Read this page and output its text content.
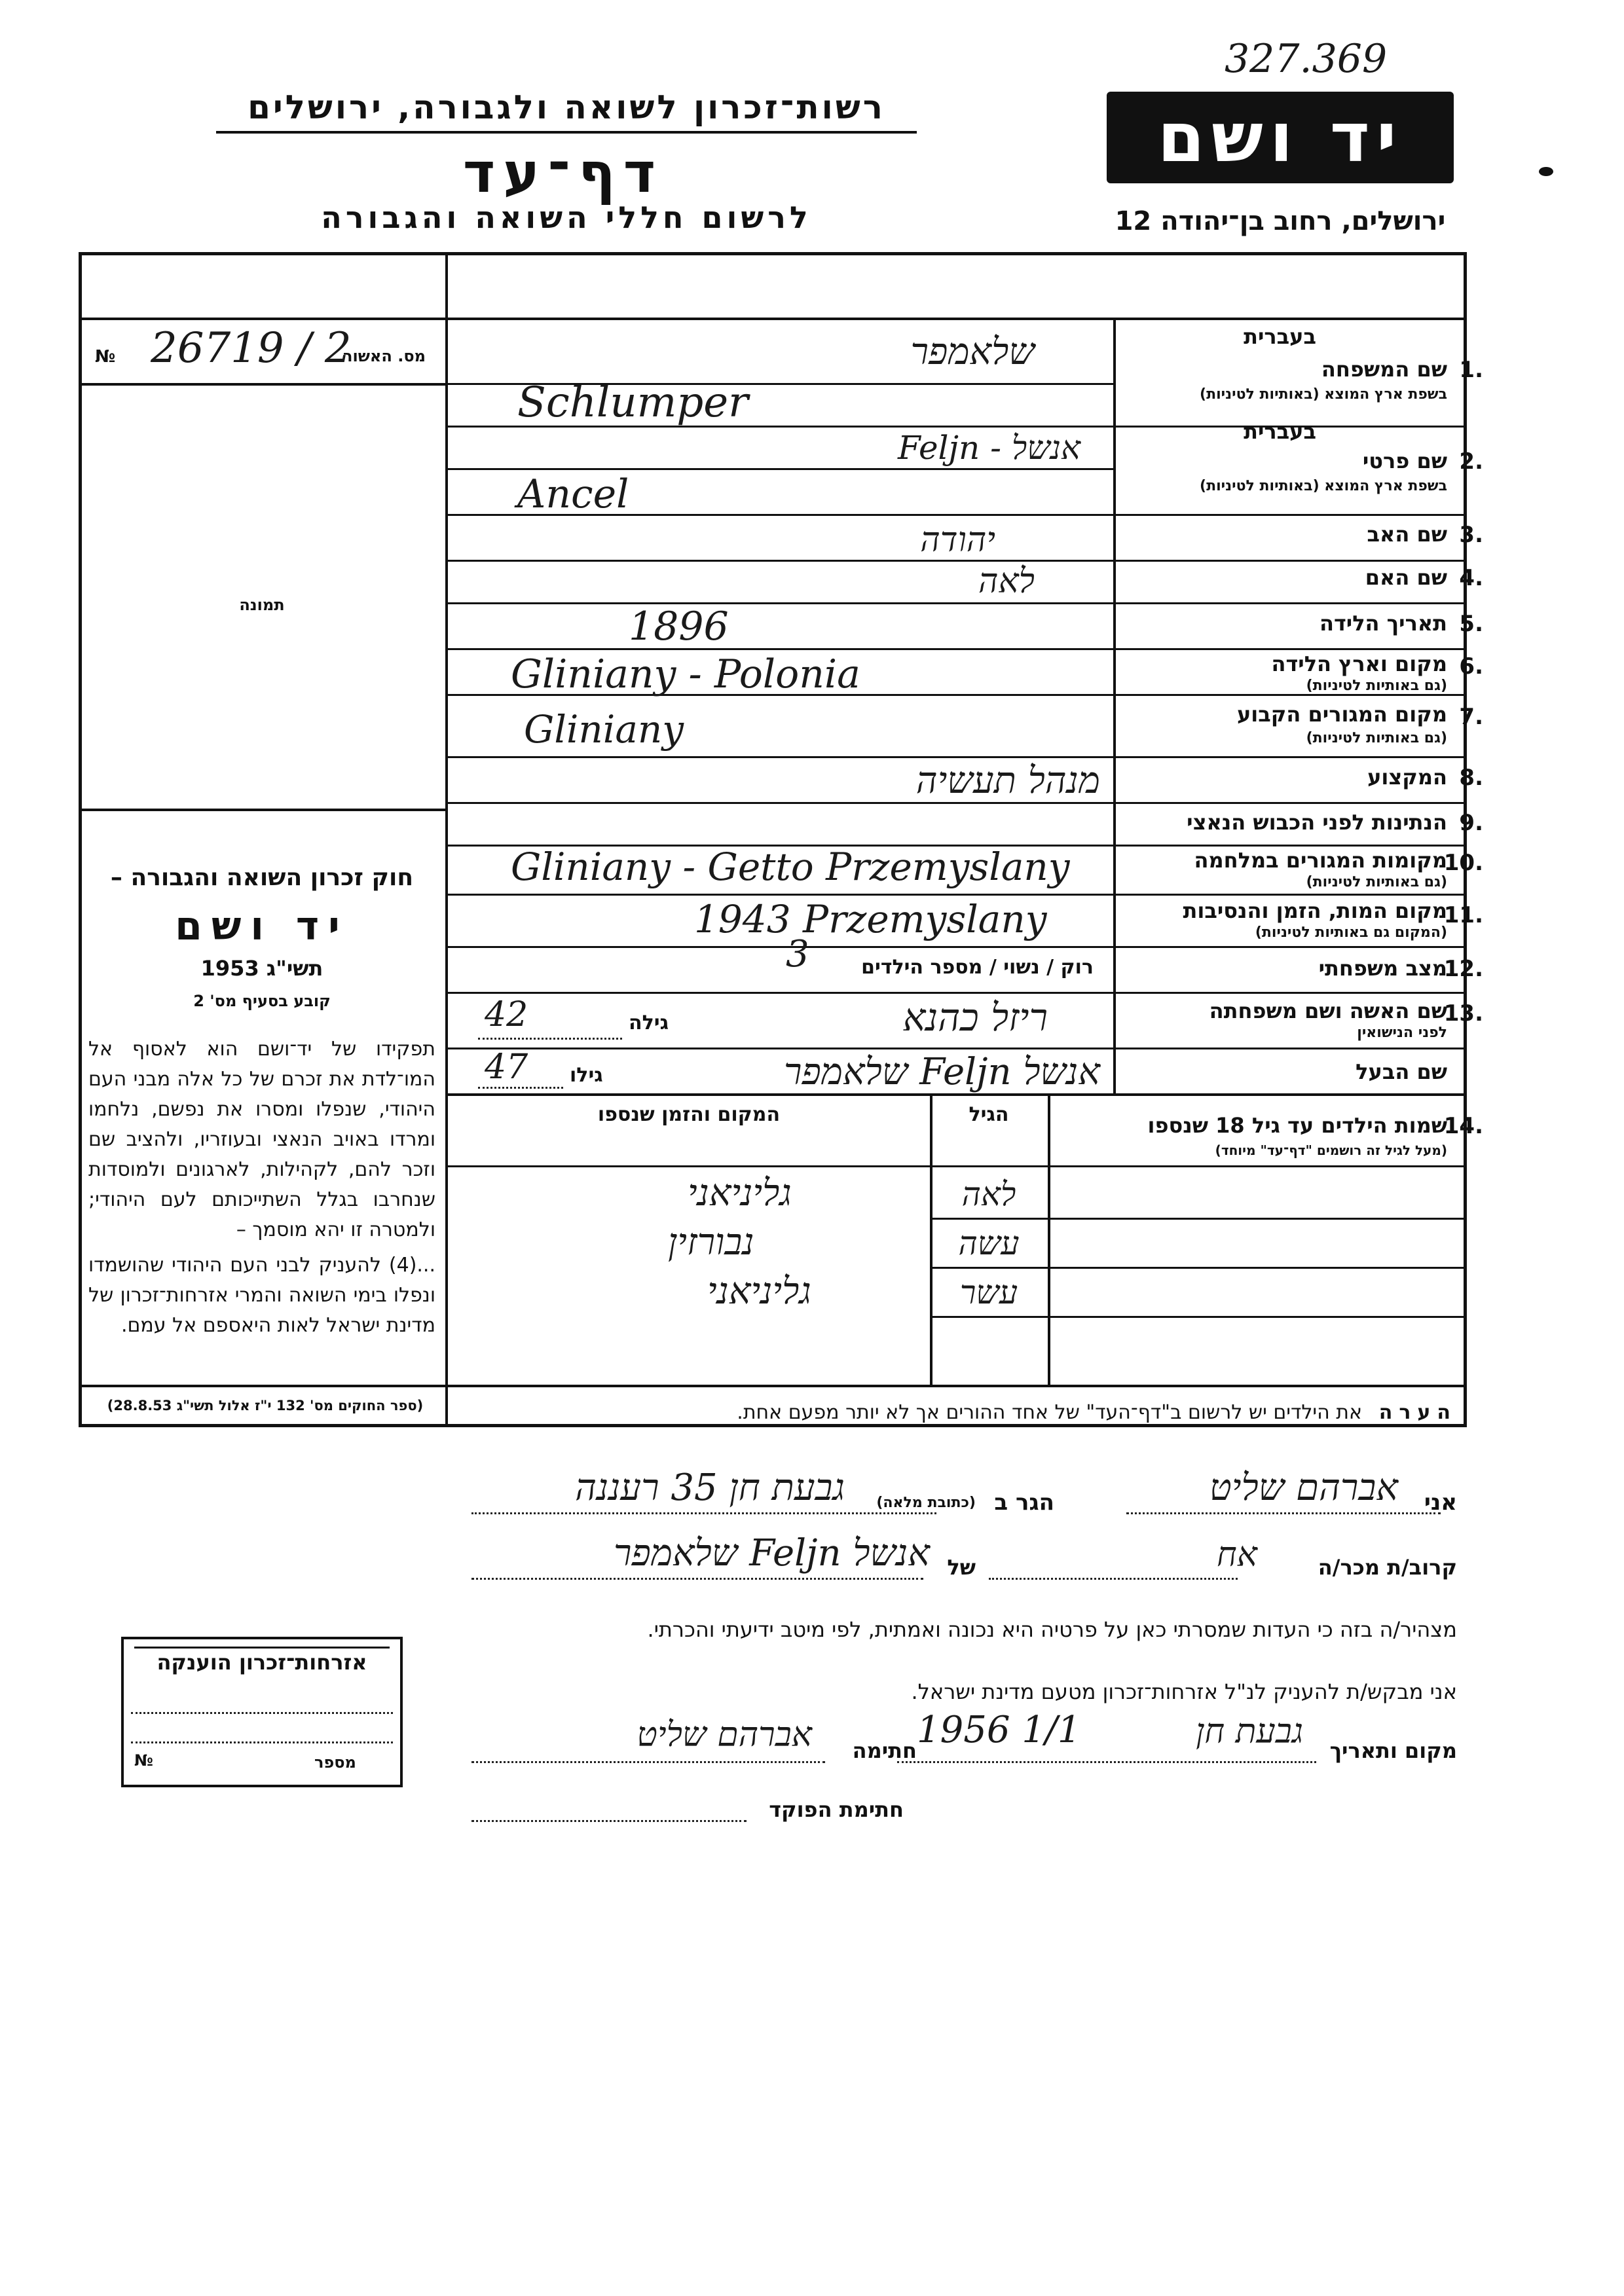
327.369
רשות־זכרון לשואה ולגבורה, ירושלים
דף־עד
לרשום חללי השואה והגבורה
יד ושם
ירושלים, רחוב בן־יהודה 12
№ 26719 / 2
מס. האשור
תמונה
חוק זכרון השואה והגבורה –
יד ושם
תשי"ג 1953
קובע בסעיף מס' 2
תפקידו של יד־ושם הוא לאסוף אל המו־לדת את זכרם של כל אלה מבני העם היהודי, שנפלו ומסרו את נפשם, נלחמו ומרדו באויב הנאצי ובעוזריו, ולהציב שם וזכר להם, לקהילות, לארגונים ולמוסדות שנחרבו בגלל השתייכותם לעם היהודי; ולמטרה זו יהא מוסמך –
...(4) להעניק לבני העם היהודי שהושמדו ונפלו בימי השואה והמרי אזרחות־זכרון של מדינת ישראל לאות היאספם אל עמם.
(ספר החוקים מס' 132 י"ז אלול תשי"ג 28.8.53)
בעברית
1.
שם המשפחה
בשפת ארץ המוצא (באותיות לטיניות)
שלאמפר
Schlumper
בעברית
2.
שם פרטי
בשפת ארץ המוצא (באותיות לטיניות)
אנשל - Feljn
Ancel
3.
שם האב
יהודה
4.
שם האם
לאה
5.
תאריך הלידה
1896
6.
מקום וארץ הלידה
(גם באותיות לטיניות)
Gliniany - Polonia
7.
מקום המגורים הקבוע
(גם באותיות לטיניות)
Gliniany
8.
המקצוע
מנהל תעשיה
9.
הנתינות לפני הכבוש הנאצי
10.
מקומות המגורים במלחמה
(גם באותיות לטיניות)
Gliniany - Getto Przemyslany
11.
מקום המות, הזמן והנסיבות
(המקום גם באותיות לטיניות)
1943 Przemyslany
12.
מצב משפחתי
רוק / נשוי / מספר הילדים
3
13.
שם האשה ושם משפחתה
לפני הנישואין
ריזל כהנא
גילה
42
שם הבעל
אנשל Feljn שלאמפר
גילו
47
14.
שמות הילדים עד גיל 18 שנספו
(מעל לגיל זה רושמים "דף־עד" מיוחד)
הגיל
המקום והזמן שנספו
לאה
גליניאני
עשה
נבורזין
עשר
גליניאני
הערה
את הילדים יש לרשום ב"דף־העד" של אחד ההורים אך לא יותר מפעם אחת.
אני
אברהם שליט
הגר ב
(כתובת מלאה)
גבעת חן 35 רעננה
קרוב/ת מכר/ה
אח
של
אנשל Feljn שלאמפר
מצהיר/ה בזה כי העדות שמסרתי כאן על פרטיה היא נכונה ואמתית, לפי מיטב ידיעתי והכרתי.
אני מבקש/ת להעניק לנ"ל אזרחות־זכרון מטעם מדינת ישראל.
מקום ותאריך
גבעת חן
1/1 1956
חתימה
אברהם שליט
חתימת הפוקד
אזרחות־זכרון הוענקה
№	מספר
